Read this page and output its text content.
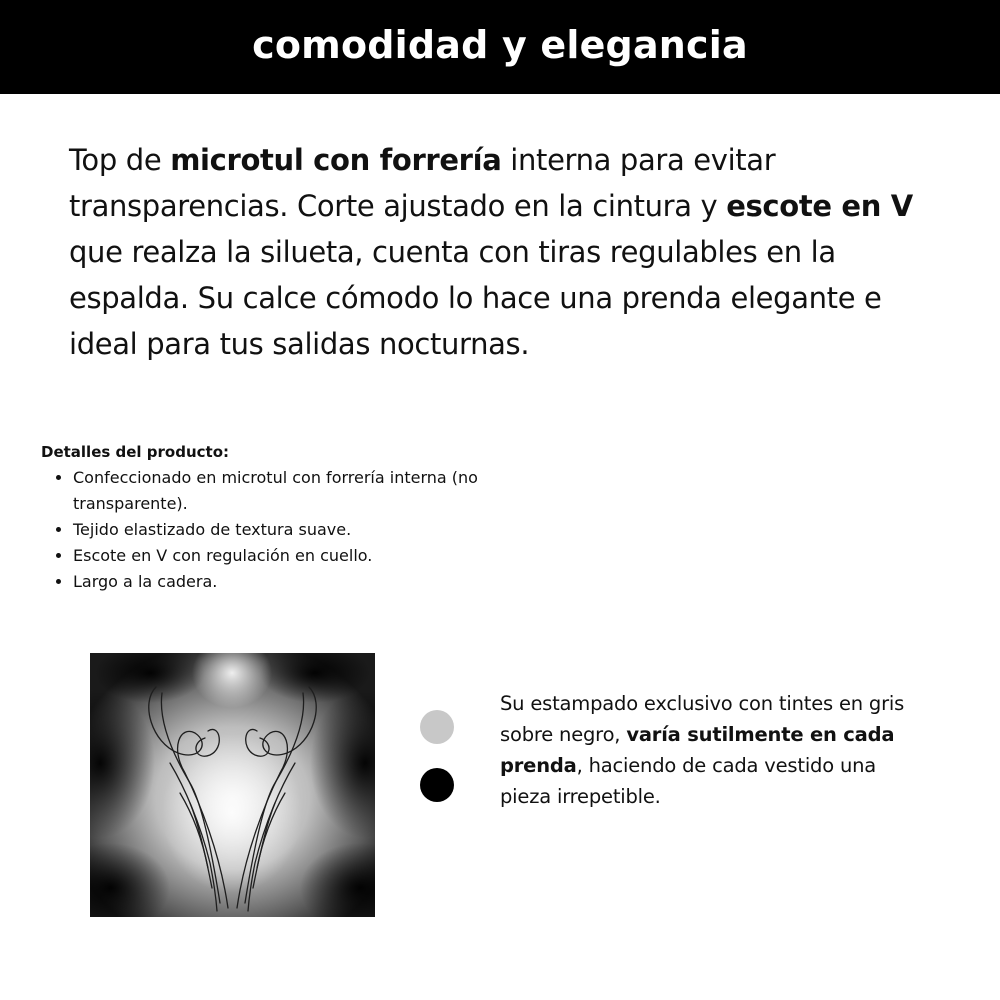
comodidad y elegancia

Top de microtul con forrería interna para evitar transparencias. Corte ajustado en la cintura y escote en V que realza la silueta, cuenta con tiras regulables en la espalda. Su calce cómodo lo hace una prenda elegante e ideal para tus salidas nocturnas.

Detalles del producto:

• Confeccionado en microtul con forrería interna (no transparente).
• Tejido elastizado de textura suave.
• Escote en V con regulación en cuello.
• Largo a la cadera.

Su estampado exclusivo con tintes en gris sobre negro, varía sutilmente en cada prenda, haciendo de cada vestido una pieza irrepetible.
